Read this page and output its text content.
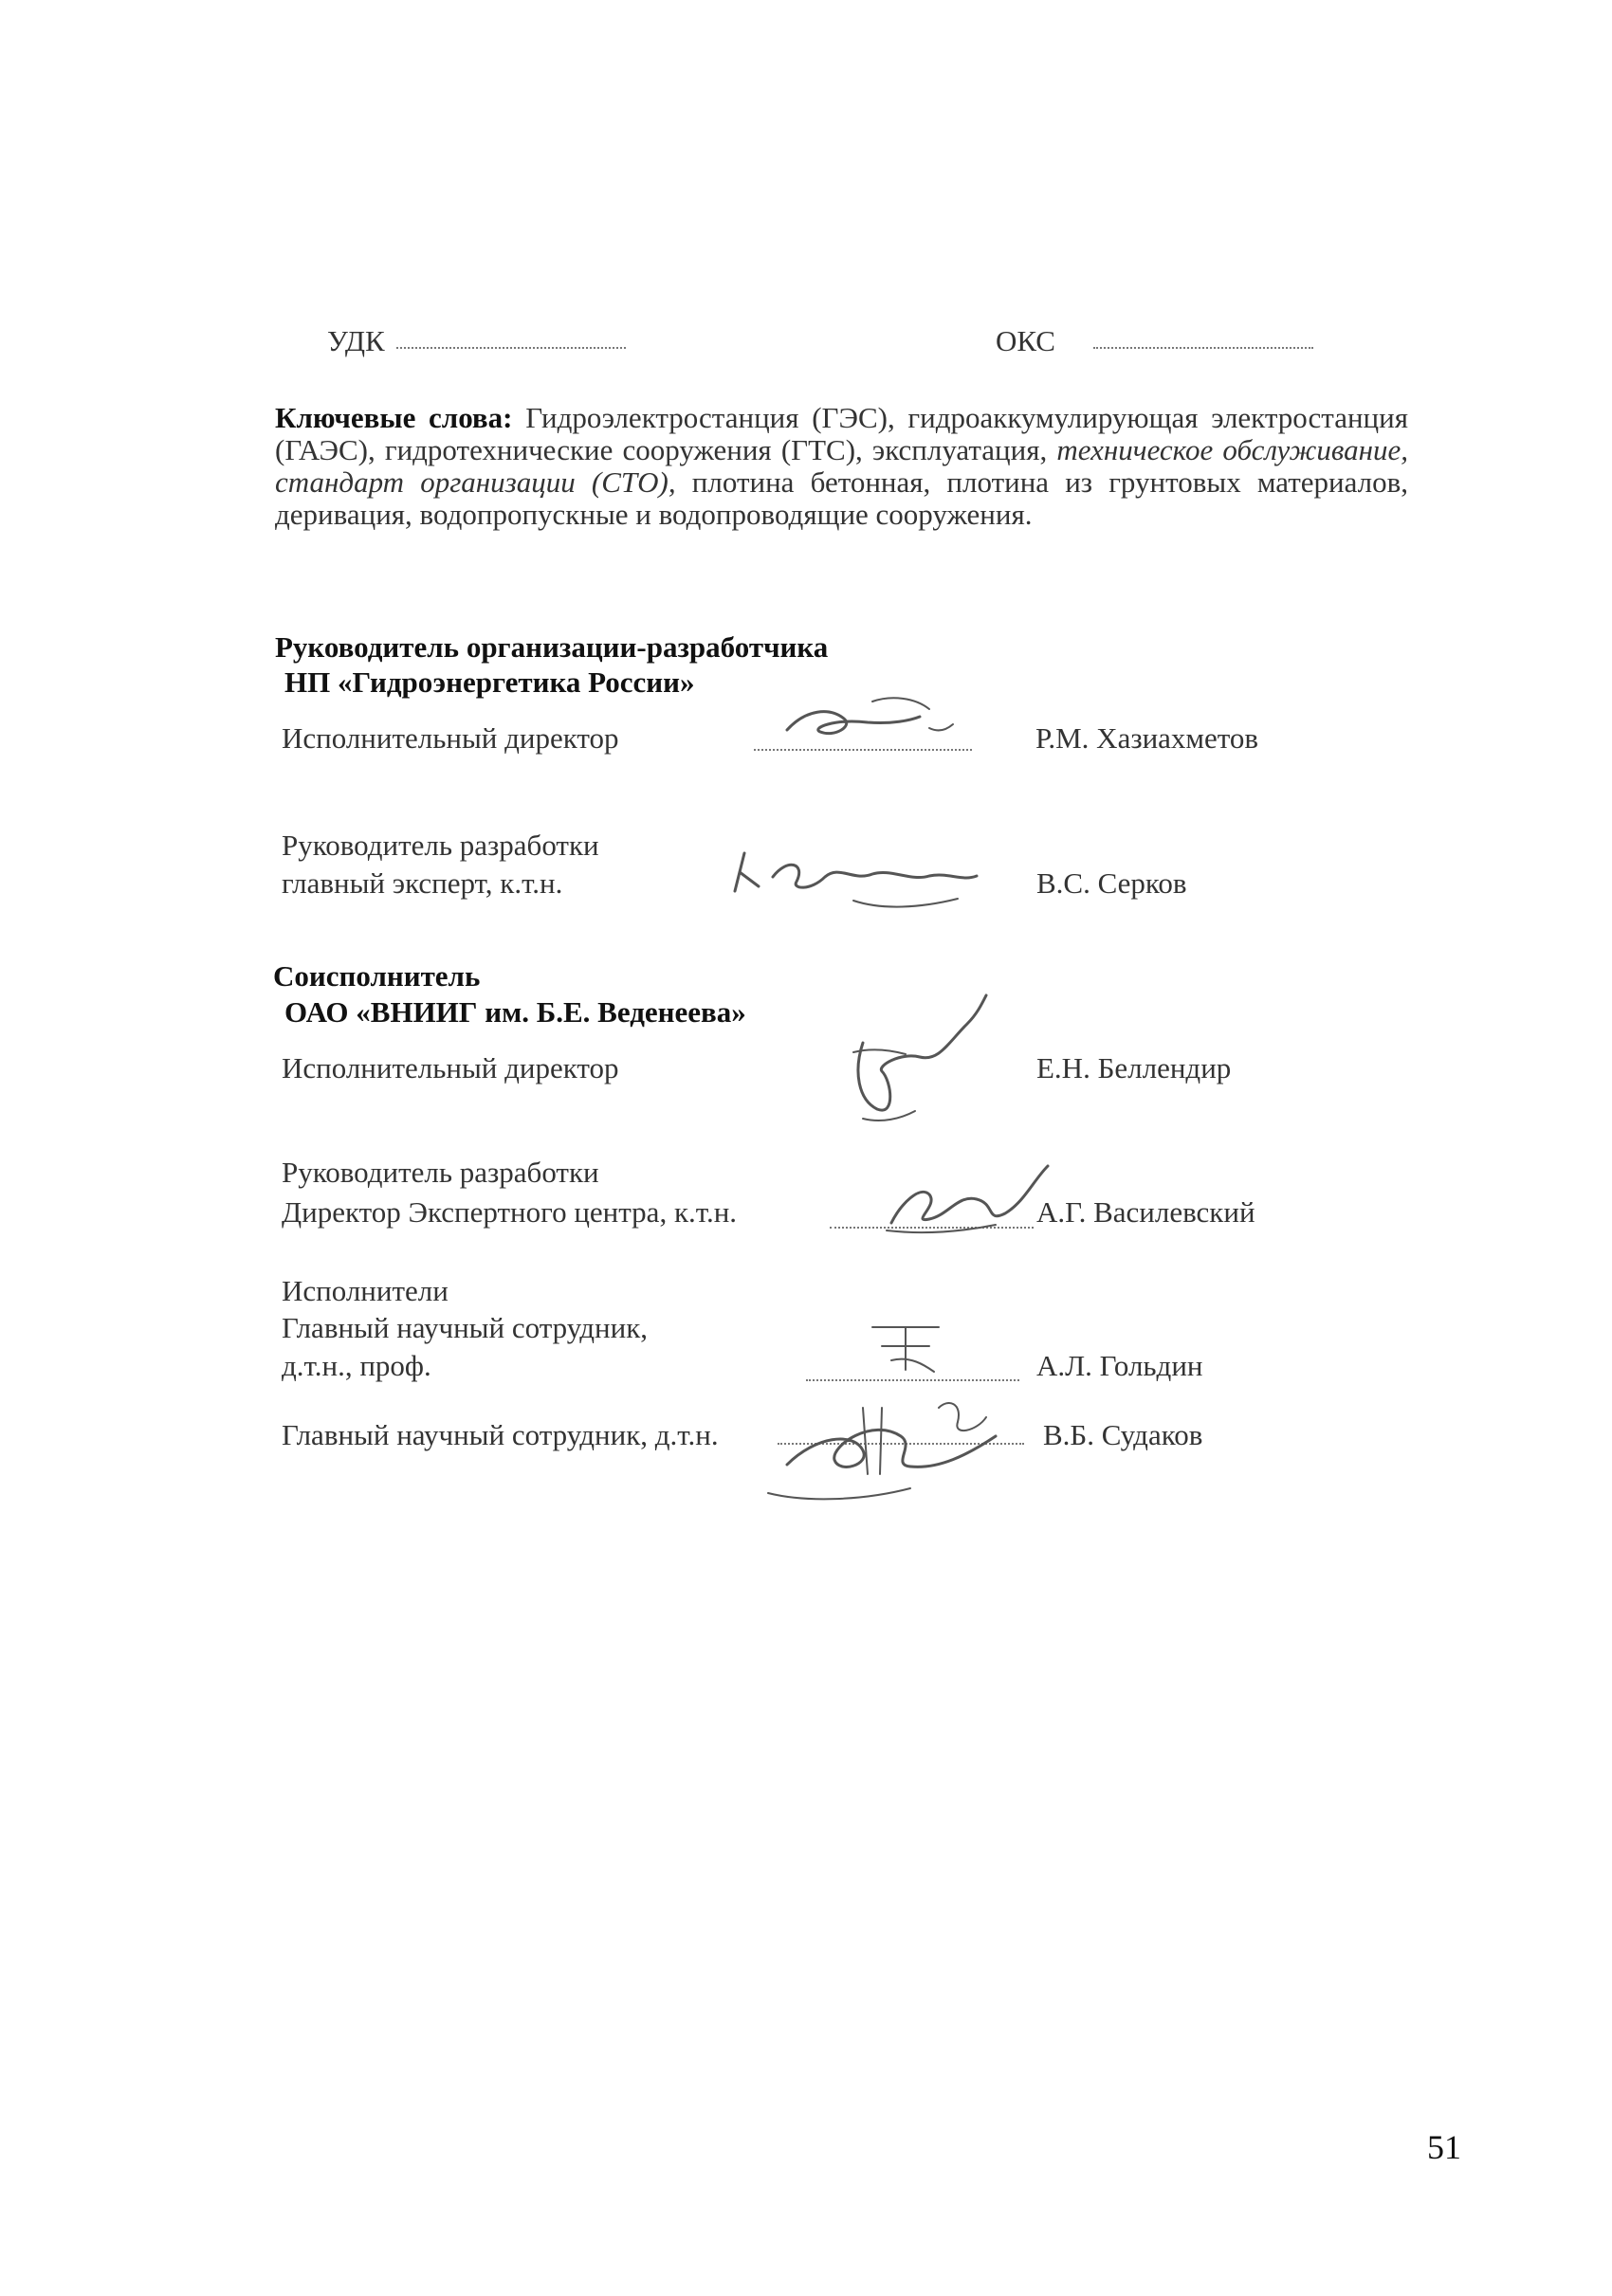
УДК	ОКС
Ключевые слова: Гидроэлектростанция (ГЭС), гидроаккумулирующая электростанция (ГАЭС), гидротехнические сооружения (ГТС), эксплуатация, техническое обслуживание, стандарт организации (СТО), плотина бетонная, плотина из грунтовых материалов, деривация, водопропускные и водопроводящие сооружения.
Руководитель организации-разработчика
НП «Гидроэнергетика России»
Исполнительный директор	Р.М. Хазиахметов
Руководитель разработки
главный эксперт, к.т.н.	В.С. Серков
Соисполнитель
ОАО «ВНИИГ им. Б.Е. Веденеева»
Исполнительный директор	Е.Н. Беллендир
Руководитель разработки
Директор Экспертного центра, к.т.н.	А.Г. Василевский
Исполнители
Главный научный сотрудник,
д.т.н., проф.	А.Л. Гольдин
Главный научный сотрудник, д.т.н.	В.Б. Судаков
51
